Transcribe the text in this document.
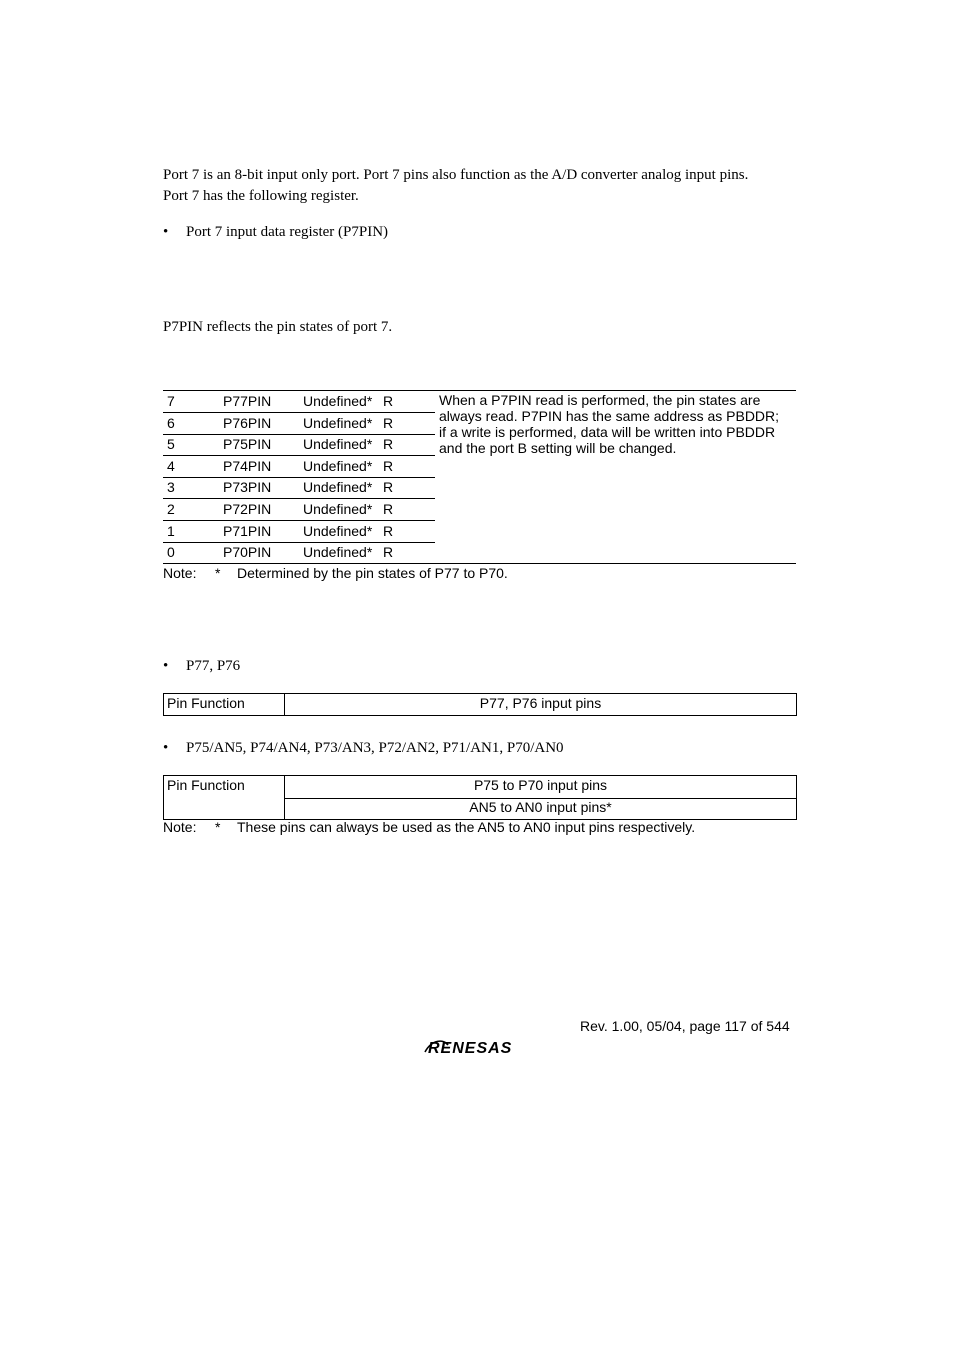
Port 7 is an 8-bit input only port. Port 7 pins also function as the A/D converter analog input pins.
Port 7 has the following register.
• Port 7 input data register (P7PIN)
P7PIN reflects the pin states of port 7.
7	P77PIN Undefined* R
6	P76PIN Undefined* R
5	P75PIN Undefined* R
4	P74PIN Undefined* R
3	P73PIN Undefined* R
2	P72PIN Undefined* R
1	P71PIN Undefined* R
0	P70PIN Undefined* R
When a P7PIN read is performed, the pin states are
always read. P7PIN has the same address as PBDDR;
if a write is performed, data will be written into PBDDR
and the port B setting will be changed.
Note: * Determined by the pin states of P77 to P70.
• P77, P76
Pin Function	P77, P76 input pins
• P75/AN5, P74/AN4, P73/AN3, P72/AN2, P71/AN1, P70/AN0
Pin Function	P75 to P70 input pins
AN5 to AN0 input pins*
Note: * These pins can always be used as the AN5 to AN0 input pins respectively.
Rev. 1.00, 05/04, page 117 of 544
RENESAS
